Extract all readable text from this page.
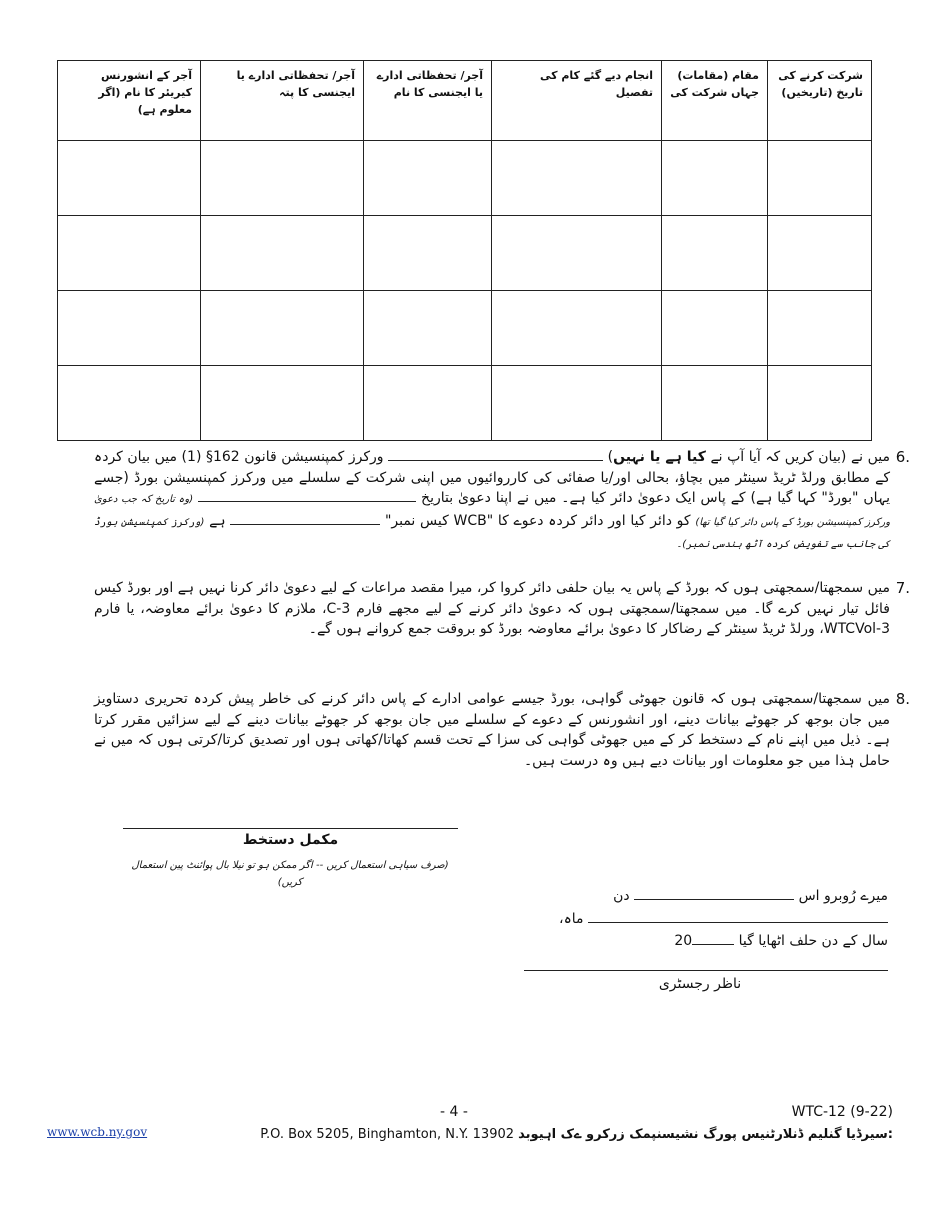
شرکت کرنے کی تاریخ (تاریخیں)	مقام (مقامات) جہاں شرکت کی	انجام دیے گئے کام کی تفصیل	آجر/ تحفظاتی ادارے یا ایجنسی کا نام	آجر/ تحفظاتی ادارے یا ایجنسی کا پتہ	آجر کے انشورنس کیریئر کا نام (اگر معلوم ہے)

6.
میں نے (بیان کریں کہ آیا آپ نے کیا ہے یا نہیں)  ورکرز کمپنسیشن قانون 162§ (1) میں بیان کردہ کے مطابق ورلڈ ٹریڈ سینٹر میں بچاؤ، بحالی اور/یا صفائی کی کارروائیوں میں اپنی شرکت کے سلسلے میں ورکرز کمپنسیشن بورڈ (جسے یہاں "بورڈ" کہا گیا ہے) کے پاس ایک دعویٰ دائر کیا ہے۔ میں نے اپنا دعویٰ بتاریخ  (وہ تاریخ کہ جب دعویٰ ورکرز کمپنسیشن بورڈ کے پاس دائر کیا گیا تھا) کو دائر کیا اور دائر کردہ دعوے کا "WCB کیس نمبر"  ہے (ورکرز کمپنسیشن بورڈ کی جانب سے تفویض کردہ آٹھ ہندسی نمبر)۔
7.
میں سمجھتا/سمجھتی ہوں کہ بورڈ کے پاس یہ بیان حلفی دائر کروا کر، میرا مقصد مراعات کے لیے دعویٰ دائر کرنا نہیں ہے اور بورڈ کیس فائل تیار نہیں کرے گا۔ میں سمجھتا/سمجھتی ہوں کہ دعویٰ دائر کرنے کے لیے مجھے فارم C-3، ملازم کا دعویٰ برائے معاوضہ، یا فارم WTCVol-3، ورلڈ ٹریڈ سینٹر کے رضاکار کا دعویٰ برائے معاوضہ بورڈ کو بروقت جمع کروانے ہوں گے۔
8.
میں سمجھتا/سمجھتی ہوں کہ قانون جھوٹی گواہی، بورڈ جیسے عوامی ادارے کے پاس دائر کرنے کی خاطر پیش کردہ تحریری دستاویز میں جان بوجھ کر جھوٹے بیانات دینے، اور انشورنس کے دعوے کے سلسلے میں جان بوجھ کر جھوٹے بیانات دینے کے لیے سزائیں مقرر کرتا ہے۔ ذیل میں اپنے نام کے دستخط کر کے میں جھوٹی گواہی کی سزا کے تحت قسم کھاتا/کھاتی ہوں اور تصدیق کرتا/کرتی ہوں کہ میں نے حامل ہٰذا میں جو معلومات اور بیانات دیے ہیں وہ درست ہیں۔
مکمل دستخط
(صرف سیاہی استعمال کریں -- اگر ممکن ہو تو نیلا بال پوائنٹ پین استعمال کریں)
میرے رُوبرو اس  دن
ماہ،
سال کے دن حلف اٹھایا گیا 20
ناظر رجسٹری
- 4 -	WTC-12 (9-22)
P.O. Box 5205, Binghamton, N.Y. 13902 سیرڈیا گنلیم ڈنلارٹنیس پورگ نشیسنپمک زرکرو ےک اہیوبد:
www.wcb.ny.gov
